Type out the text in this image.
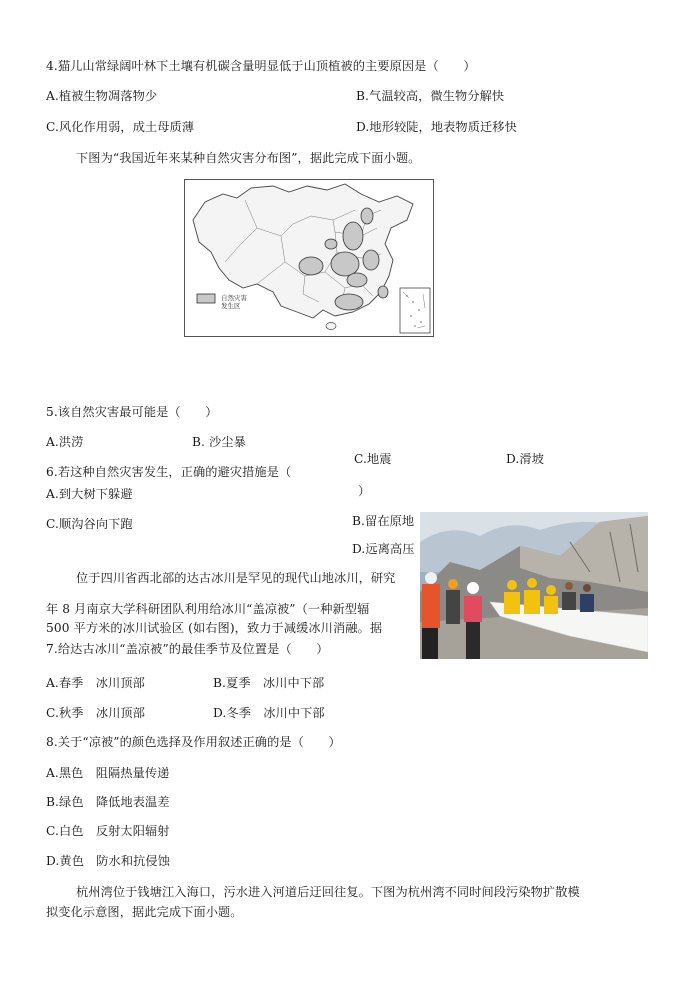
4.猫儿山常绿阔叶林下土壤有机碳含量明显低于山顶植被的主要原因是（　　）
A.植被生物凋落物少	B.气温较高，微生物分解快
C.风化作用弱，成土母质薄	D.地形较陡，地表物质迁移快
下图为“我国近年来某种自然灾害分布图”，据此完成下面小题。
自然灾害
发生区
5.该自然灾害最可能是（　　）
A.洪涝	B. 沙尘暴
C.地震	D.滑坡
6.若这种自然灾害发生，正确的避灾措施是（
）
A.到大树下躲避
B.留在原地
C.顺沟谷向下跑
D.远离高压
位于四川省西北部的达古冰川是罕见的现代山地冰川，研究
年 8 月南京大学科研团队利用给冰川“盖凉被”（一种新型辐
500 平方米的冰川试验区 (如右图)，致力于减缓冰川消融。据
7.给达古冰川“盖凉被”的最佳季节及位置是（　　）
A.春季　冰川顶部	B.夏季　冰川中下部
C.秋季　冰川顶部	D.冬季　冰川中下部
8.关于“凉被”的颜色选择及作用叙述正确的是（　　）
A.黑色　阻隔热量传递
B.绿色　降低地表温差
C.白色　反射太阳辐射
D.黄色　防水和抗侵蚀
杭州湾位于钱塘江入海口，污水进入河道后迂回往复。下图为杭州湾不同时间段污染物扩散模
拟变化示意图，据此完成下面小题。
